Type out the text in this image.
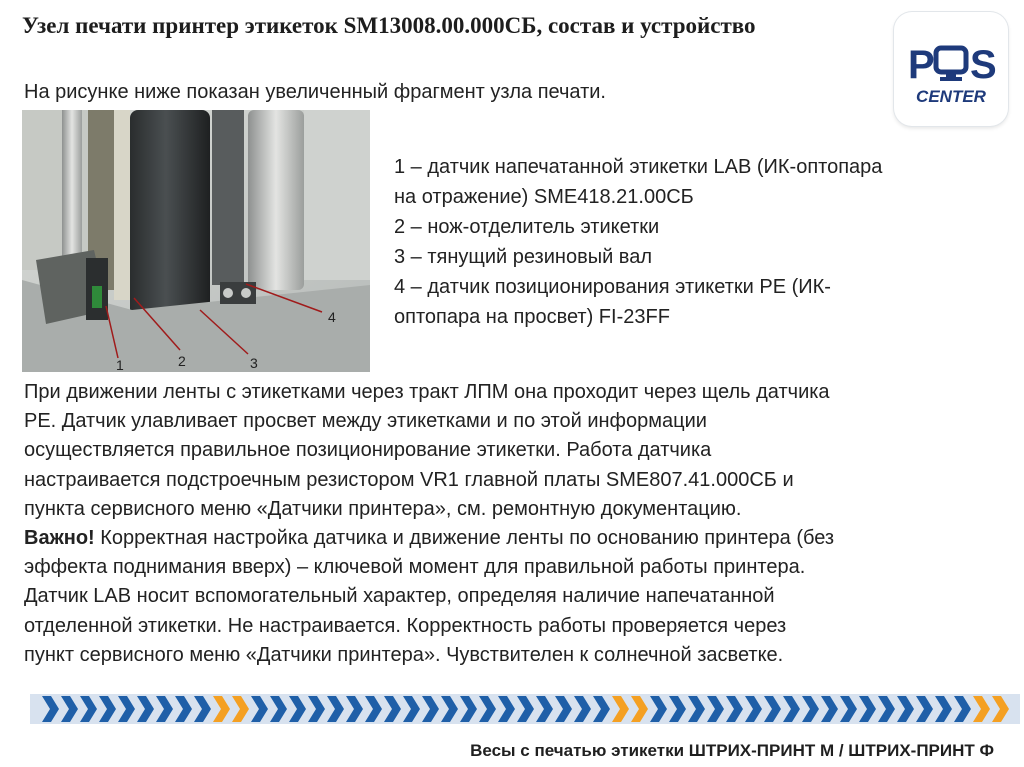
Узел печати принтер этикеток SM13008.00.000СБ, состав и устройство
На рисунке ниже показан увеличенный фрагмент узла печати.
P S
CENTER
1	2	3
4
1 – датчик напечатанной этикетки LAB (ИК-оптопара
на отражение) SME418.21.00СБ
2 – нож-отделитель этикетки
3 – тянущий резиновый вал
4 – датчик позиционирования этикетки PE (ИК-
оптопара на просвет) FI-23FF

При движении ленты с этикетками через тракт ЛПМ она проходит через щель датчика

PE. Датчик улавливает просвет между этикетками и по этой информации

осуществляется правильное позиционирование этикетки. Работа датчика

настраивается подстроечным резистором VR1 главной платы SME807.41.000СБ и

пункта сервисного меню «Датчики принтера», см. ремонтную документацию.

Важно! Корректная настройка датчика и движение ленты по основанию принтера (без

эффекта поднимания вверх) – ключевой момент для правильной работы принтера.

Датчик LAB носит вспомогательный характер, определяя наличие напечатанной

отделенной этикетки. Не настраивается. Корректность работы проверяется через

пункт сервисного меню «Датчики принтера». Чувствителен к солнечной засветке.

Весы с печатью этикетки ШТРИХ-ПРИНТ М / ШТРИХ-ПРИНТ Ф
